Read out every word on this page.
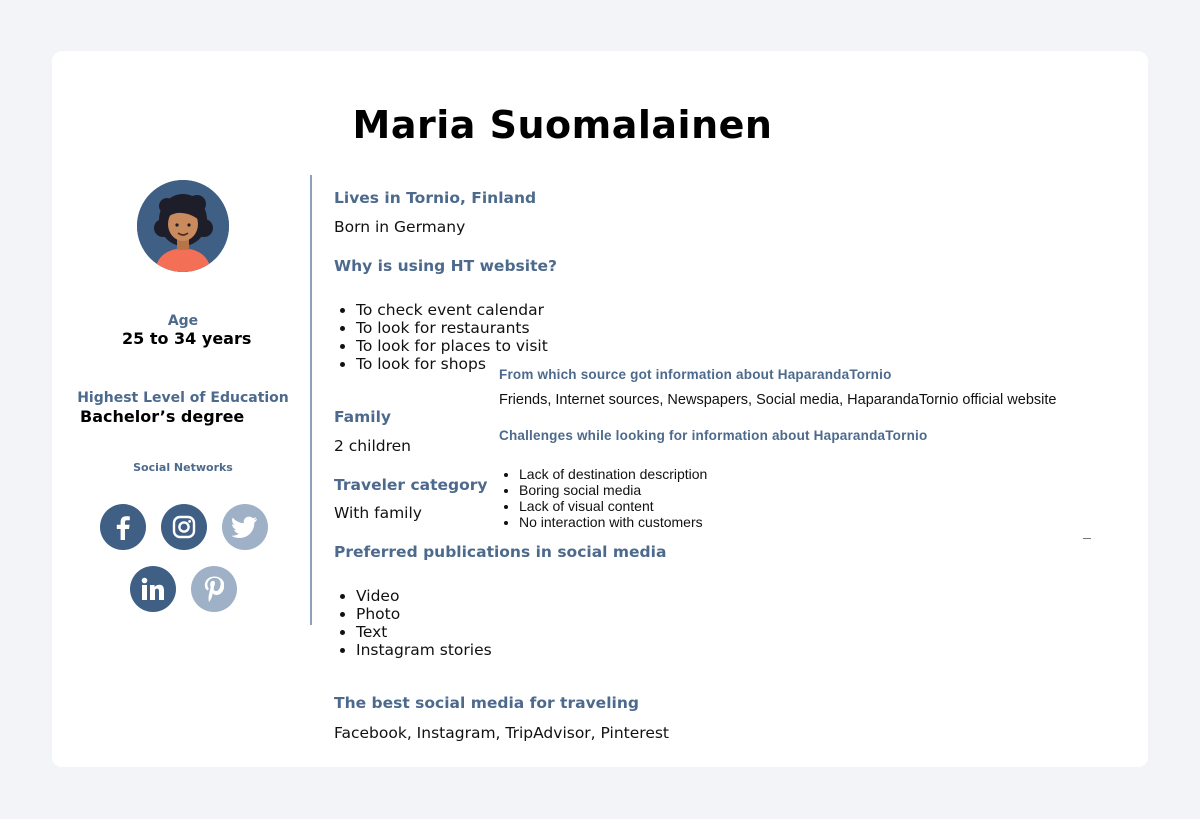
Maria Suomalainen
Age
25 to 34 years
Highest Level of Education
Bachelor’s degree
Social Networks
Lives in Tornio, Finland
Born in Germany
Why is using HT website?
• To check event calendar
• To look for restaurants
• To look for places to visit
• To look for shops
Family
2 children
Traveler category
With family
Preferred publications in social media
• Video
• Photo
• Text
• Instagram stories
The best social media for traveling
Facebook, Instagram, TripAdvisor, Pinterest
From which source got information about HaparandaTornio
Friends, Internet sources, Newspapers, Social media, HaparandaTornio official website
Challenges while looking for information about HaparandaTornio
• Lack of destination description
• Boring social media
• Lack of visual content
• No interaction with customers
